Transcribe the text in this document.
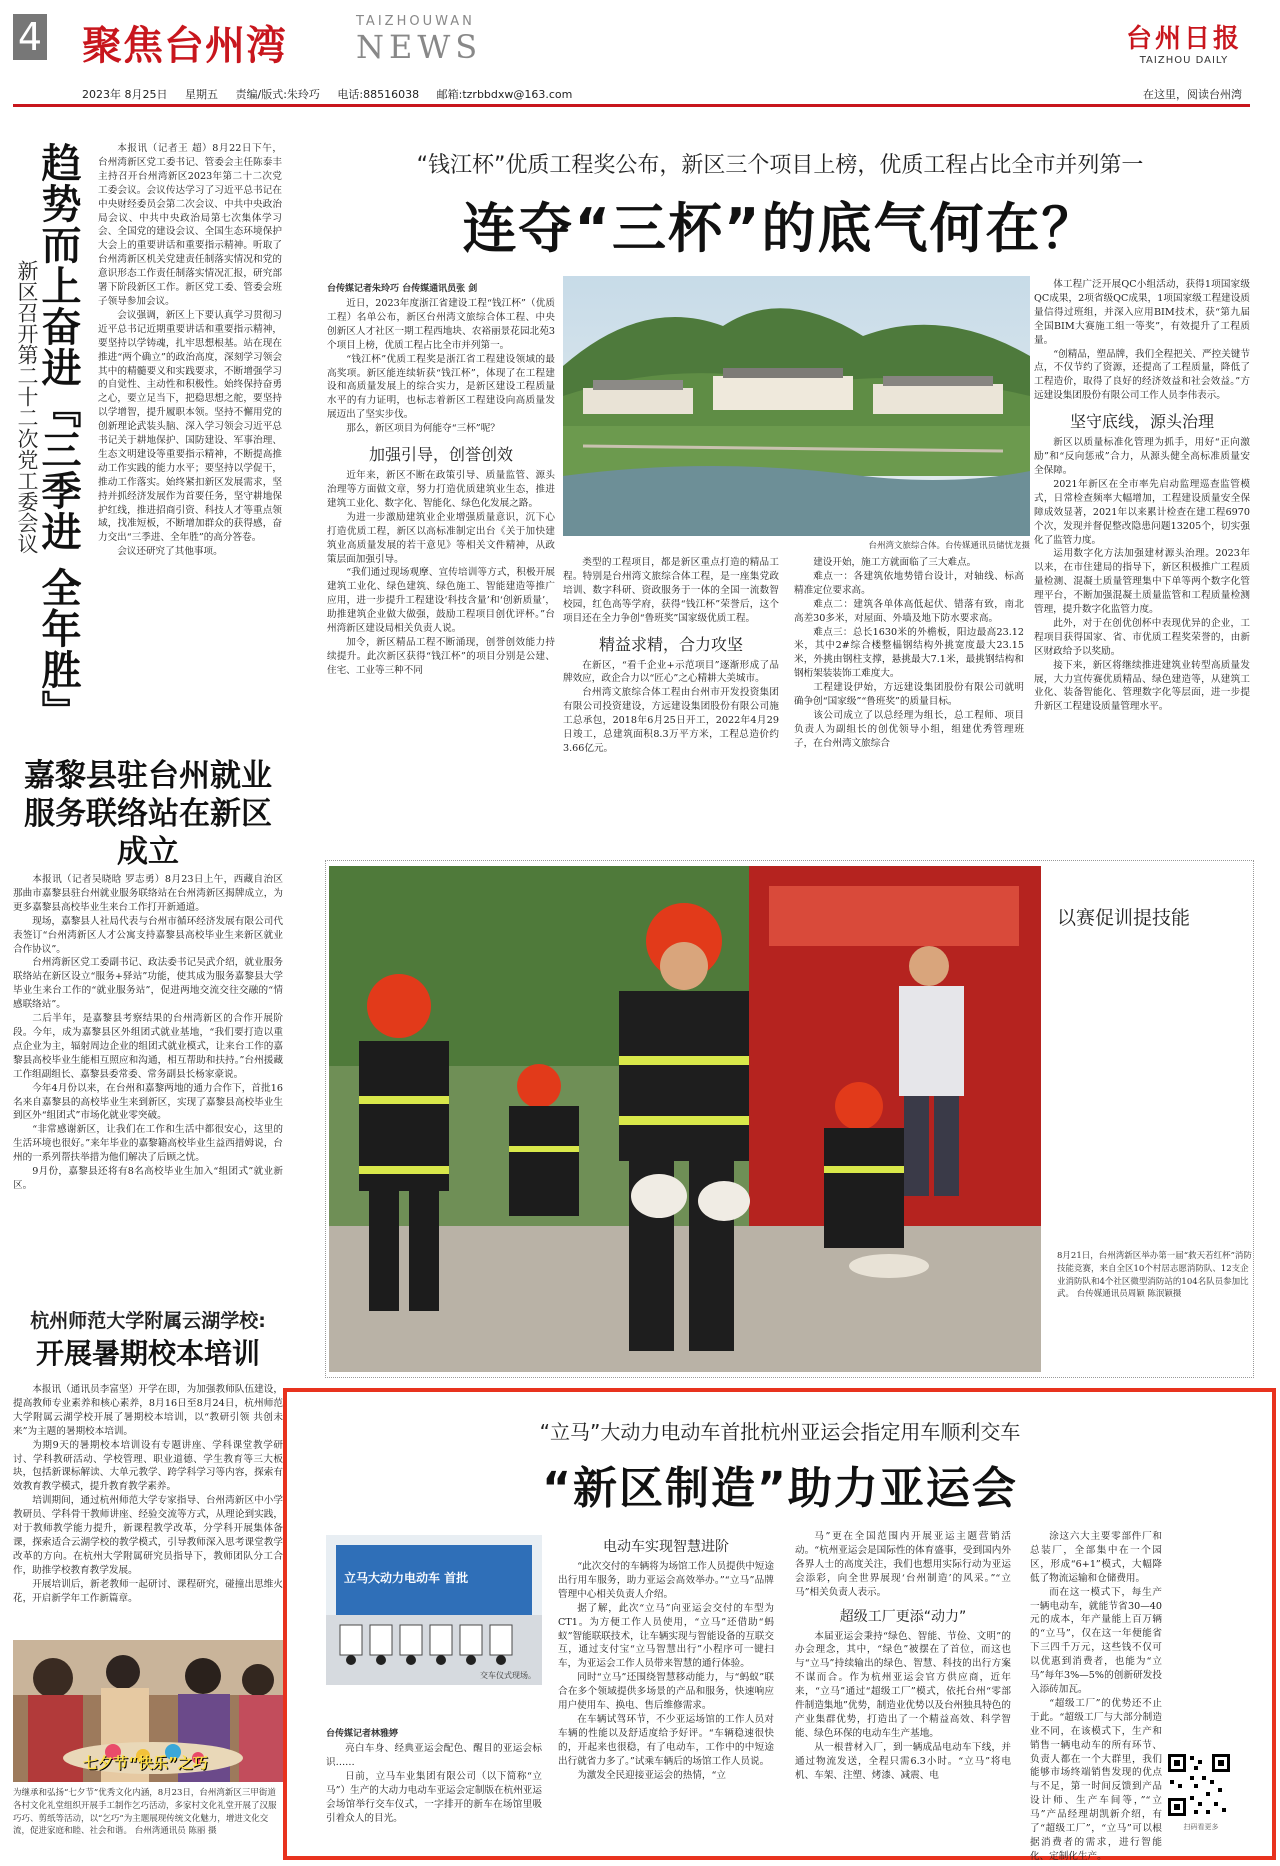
4 聚焦台州湾
TAIZHOUWAN
NEWS	台州日报
TAIZHOU DAILY
2023年 8月25日 星期五 责编/版式:朱玲巧 电话:88516038 邮箱:tzrbbdxw@163.com	在这里，阅读台州湾
趋势而上奋进『三季进 全年胜』
新区召开第二十二次党工委会议

本报讯（记者王 超）8月22日下午，台州湾新区党工委书记、管委会主任陈泰丰主持召开台州湾新区2023年第二十二次党工委会议。会议传达学习了习近平总书记在中央财经委员会第二次会议、中共中央政治局会议、中共中央政治局第七次集体学习会、全国党的建设会议、全国生态环境保护大会上的重要讲话和重要指示精神。听取了台州湾新区机关党建责任制落实情况和党的意识形态工作责任制落实情况汇报，研究部署下阶段新区工作。新区党工委、管委会班子领导参加会议。

会议强调，新区上下要认真学习贯彻习近平总书记近期重要讲话和重要指示精神，要坚持以学铸魂，扎牢思想根基。站在现在推进“两个确立”的政治高度，深刻学习领会其中的精髓要义和实践要求，不断增强学习的自觉性、主动性和积极性。始终保持奋勇之心，要立足当下，把稳思想之舵，要坚持以学增智，提升履职本领。坚持不懈用党的创新理论武装头脑、深入学习领会习近平总书记关于耕地保护、国防建设、军事治理、生态文明建设等重要指示精神，不断提高推动工作实践的能力水平；要坚持以学促干，推动工作落实。始终紧扣新区发展需求，坚持并抓经济发展作为首要任务，坚守耕地保护红线，推进招商引资、科技人才等重点领域，找准短板，不断增加群众的获得感，奋力交出“三季进、全年胜”的高分答卷。

会议还研究了其他事项。

嘉黎县驻台州就业服务联络站在新区成立

本报讯（记者吴晓晗 罗志勇）8月23日上午，西藏自治区那曲市嘉黎县驻台州就业服务联络站在台州湾新区揭牌成立，为更多嘉黎县高校毕业生来台工作打开新通道。

现场，嘉黎县人社局代表与台州市循环经济发展有限公司代表签订“台州湾新区人才公寓支持嘉黎县高校毕业生来新区就业合作协议”。

台州湾新区党工委副书记、政法委书记吴武介绍，就业服务联络站在新区设立“服务+驿站”功能，使其成为服务嘉黎县大学毕业生来台工作的“就业服务站”，促进两地交流交往交融的“情感联络站”。

二后半年，是嘉黎县考察结果的台州湾新区的合作开展阶段。今年，成为嘉黎县区外组团式就业基地，“我们要打造以重点企业为主，辐射周边企业的组团式就业模式，让来台工作的嘉黎县高校毕业生能相互照应和沟通，相互帮助和扶持。”台州援藏工作组副组长、嘉黎县委常委、常务副县长杨家豪说。

今年4月份以来，在台州和嘉黎两地的通力合作下，首批16名来自嘉黎县的高校毕业生来到新区，实现了嘉黎县高校毕业生到区外“组团式”市场化就业零突破。

“非常感谢新区，让我们在工作和生活中都很安心，这里的生活环境也很好。”来年毕业的嘉黎籍高校毕业生益西措姆说，台州的一系列帮扶举措为他们解决了后顾之忧。

9月份，嘉黎县还将有8名高校毕业生加入“组团式”就业新区。

杭州师范大学附属云湖学校:
开展暑期校本培训

本报讯（通讯员李富坚）开学在即，为加强教师队伍建设，提高教师专业素养和核心素养，8月16日至8月24日，杭州师范大学附属云湖学校开展了暑期校本培训，以“教研引领 共创未来”为主题的暑期校本培训。

为期9天的暑期校本培训设有专题讲座、学科课堂教学研讨、学科教研活动、学校管理、职业道德、学生教育等三大板块，包括新课标解读、大单元教学、跨学科学习等内容，探索有效教育教学模式，提升教育教学素养。

培训期间，通过杭州师范大学专家指导、台州湾新区中小学教研员、学科骨干教师讲座、经验交流等方式，从理论到实践，对于教师教学能力提升，新课程教学改革，分学科开展集体备课，探索适合云湖学校的教学模式，引导教师深入思考课堂教学改革的方向。在杭州大学附属研究员指导下，教师团队分工合作，助推学校教育教学发展。

开展培训后，新老教师一起研讨、课程研究，碰撞出思维火花，开启新学年工作新篇章。

七夕节“快乐”之巧
为继承和弘扬“七夕节”优秀文化内涵，8月23日，台州湾新区三甲街道各村文化礼堂组织开展手工制作乞巧活动，多家村文化礼堂开展了汉服巧巧、剪纸等活动，以“乞巧”为主题展现传统文化魅力，增进文化交流，促进家庭和睦、社会和谐。 台州湾通讯员 陈丽 摄
“钱江杯”优质工程奖公布，新区三个项目上榜，优质工程占比全市并列第一
连夺“三杯”的底气何在？
台传媒记者朱玲巧 台传媒通讯员张 剑

近日，2023年度浙江省建设工程“钱江杯”（优质工程）名单公布，新区台州湾文旅综合体工程、中央创新区人才社区一期工程西地块、农裕丽景花园北苑3个项目上榜，优质工程占比全市并列第一。

“钱江杯”优质工程奖是浙江省工程建设领域的最高奖项。新区能连续斩获“钱江杯”，体现了在工程建设和高质量发展上的综合实力，是新区建设工程质量水平的有力证明，也标志着新区工程建设向高质量发展迈出了坚实步伐。

那么，新区项目为何能夺“三杯”呢？

加强引导，创誉创效

近年来，新区不断在政策引导、质量监管、源头治理等方面做文章，努力打造优质建筑业生态，推进建筑工业化、数字化、智能化、绿色化发展之路。

为进一步激励建筑业企业增强质量意识，沉下心打造优质工程，新区以高标准制定出台《关于加快建筑业高质量发展的若干意见》等相关文件精神，从政策层面加强引导。

“我们通过现场观摩、宣传培训等方式，积极开展建筑工业化、绿色建筑、绿色施工、智能建造等推广应用，进一步提升工程建设‘科技含量’和‘创新质量’，助推建筑企业做大做强，鼓励工程项目创优评杯。”台州湾新区建设局相关负责人说。

加令，新区精品工程不断涌现，创誉创效能力持续提升。此次新区获得“钱江杯”的项目分别是公建、住宅、工业等三种不同

台州湾文旅综合体。台传媒通讯员储忧龙摄

类型的工程项目，都是新区重点打造的精品工程。特别是台州湾文旅综合体工程，是一座集党政培训、数字科研、资政服务于一体的全国一流数智校园，红色高等学府，获得“钱江杯”荣誉后，这个项目还在全力争创“鲁班奖”国家级优质工程。

精益求精，合力攻坚

在新区，“看千企业+示范项目”逐渐形成了品牌效应，政企合力以“匠心”之心精耕大美城市。

台州湾文旅综合体工程由台州市开发投资集团有限公司投资建设，方远建设集团股份有限公司施工总承包，2018年6月25日开工，2022年4月29日竣工，总建筑面积8.3万平方米，工程总造价约3.66亿元。

建设开始，施工方就面临了三大难点。

难点一：各建筑依地势错台设计，对轴线、标高精准定位要求高。

难点二：建筑各单体高低起伏、错落有致，南北高差30多米，对屋面、外墙及地下防水要求高。

难点三：总长1630米的外檐板，阳边最高23.12米，其中2#综合楼整榀钢结构外挑宽度最大23.15米，外挑由钢柱支撑，悬挑最大7.1米，最挑钢结构和钢桁架装装饰工难度大。

工程建设伊始，方远建设集团股份有限公司就明确争创“国家级”“鲁班奖”的质量目标。

该公司成立了以总经理为组长，总工程师、项目负责人为副组长的创优领导小组，组建优秀管理班子，在台州湾文旅综合

体工程广泛开展QC小组活动，获得1项国家级QC成果，2项省级QC成果，1项国家级工程建设质量信得过班组，并深入应用BIM技术，获“第九届全国BIM大赛施工组一等奖”，有效提升了工程质量。

“创精品，塑品牌，我们全程把关、严控关键节点，不仅节约了资源，还提高了工程质量，降低了工程造价，取得了良好的经济效益和社会效益。”方远建设集团股份有限公司工作人员李伟表示。

坚守底线，源头治理

新区以质量标准化管理为抓手，用好“正向激励”和“反向惩戒”合力，从源头健全高标准质量安全保障。

2021年新区在全市率先启动监理巡查监管模式，日常检查频率大幅增加，工程建设质量安全保障成效显著，2021年以来累计检查在建工程6970个次，发现并督促整改隐患问题13205个，切实强化了监管力度。

运用数字化方法加强建材源头治理。2023年以来，在市住建局的指导下，新区积极推广工程质量检测、混凝土质量管理集中下单等两个数字化管理平台，不断加强混凝土质量监管和工程质量检测管理，提升数字化监管力度。

此外，对于在创优创杯中表现优异的企业，工程项目获得国家、省、市优质工程奖荣誉的，由新区财政给予以奖励。

接下来，新区将继续推进建筑业转型高质量发展，大力宣传赛优质精品、绿色建造等，从建筑工业化、装备智能化、管理数字化等层面，进一步提升新区工程建设质量管理水平。

以赛促训提技能
8月21日，台州湾新区举办第一届“救天若红杯”消防技能竞赛，来自全区10个村居志愿消防队、12支企业消防队和4个社区微型消防站的104名队员参加比武。 台传媒通讯员周颖 陈泯颖摄
“立马”大动力电动车首批杭州亚运会指定用车顺利交车
“新区制造”助力亚运会
立马大动力电动车 首批
交车仪式现场。
台传媒记者林雅婷

亮白车身、经典亚运会配色、醒目的亚运会标识……

日前，立马车业集团有限公司（以下简称“立马”）生产的大动力电动车亚运会定制版在杭州亚运会场馆举行交车仪式，一字排开的新车在场馆里吸引着众人的目光。

电动车实现智慧进阶

“此次交付的车辆将为场馆工作人员提供中短途出行用车服务，助力亚运会高效举办。”“立马”品牌管理中心相关负责人介绍。

据了解，此次“立马”向亚运会交付的车型为CT1。为方便工作人员使用，“立马”还借助“蚂蚁”智能联联技术，让车辆实现与智能设备的互联交互，通过支付宝“立马智慧出行”小程序可一键扫车，为亚运会工作人员带来智慧的通行体验。

同时“立马”还围绕智慧移动能力，与“蚂蚁”联合在多个领域提供多场景的产品和服务，快速响应用户使用车、换电、售后维修需求。

在车辆试驾环节，不少亚运场馆的工作人员对车辆的性能以及舒适度给予好评。“车辆稳速很快的，开起来也很稳，有了电动车，工作中的中短途出行就省力多了。”试乘车辆后的场馆工作人员说。

为激发全民迎接亚运会的热情，“立

马”更在全国范围内开展亚运主题营销活动。“杭州亚运会是国际性的体育盛事，受到国内外各界人士的高度关注，我们也想用实际行动为亚运会添彩，向全世界展现‘台州制造’的风采。”“立马”相关负责人表示。

超级工厂更添“动力”

本届亚运会秉持“绿色、智能、节俭、文明”的办会理念，其中，“绿色”被摆在了首位，而这也与“立马”持续输出的绿色、智慧、科技的出行方案不谋而合。作为杭州亚运会官方供应商，近年来，“立马”通过“超级工厂”模式，依托台州“零部件制造集地”优势，制造业优势以及台州独具特色的产业集群优势，打造出了一个精益高效、科学智能、绿色环保的电动车生产基地。

从一根普材入厂，到一辆成品电动车下线，并通过物流发送，全程只需6.3小时。“立马”将电机、车架、注塑、烤漆、减震、电

涂这六大主要零部件厂和总装厂，全部集中在一个园区，形成“6+1”模式，大幅降低了物流运输和仓储费用。

而在这一模式下，每生产一辆电动车，就能节省30—40元的成本，年产量能上百万辆的“立马”，仅在这一年便能省下三四千万元，这些钱不仅可以优惠到消费者，也能为“立马”每年3%—5%的创新研发投入添砖加瓦。

“超级工厂”的优势还不止于此。“超级工厂与大部分制造业不同，在该模式下，生产和销售一辆电动车的所有环节、负责人都在一个大群里，我们能够市场终端销售发现的优点与不足，第一时间反馈到产品设计师、生产车间等，”“立马”产品经理胡凯新介绍，有了“超级工厂”，“立马”可以根据消费者的需求，进行智能化、定制化生产。

扫码看更多
